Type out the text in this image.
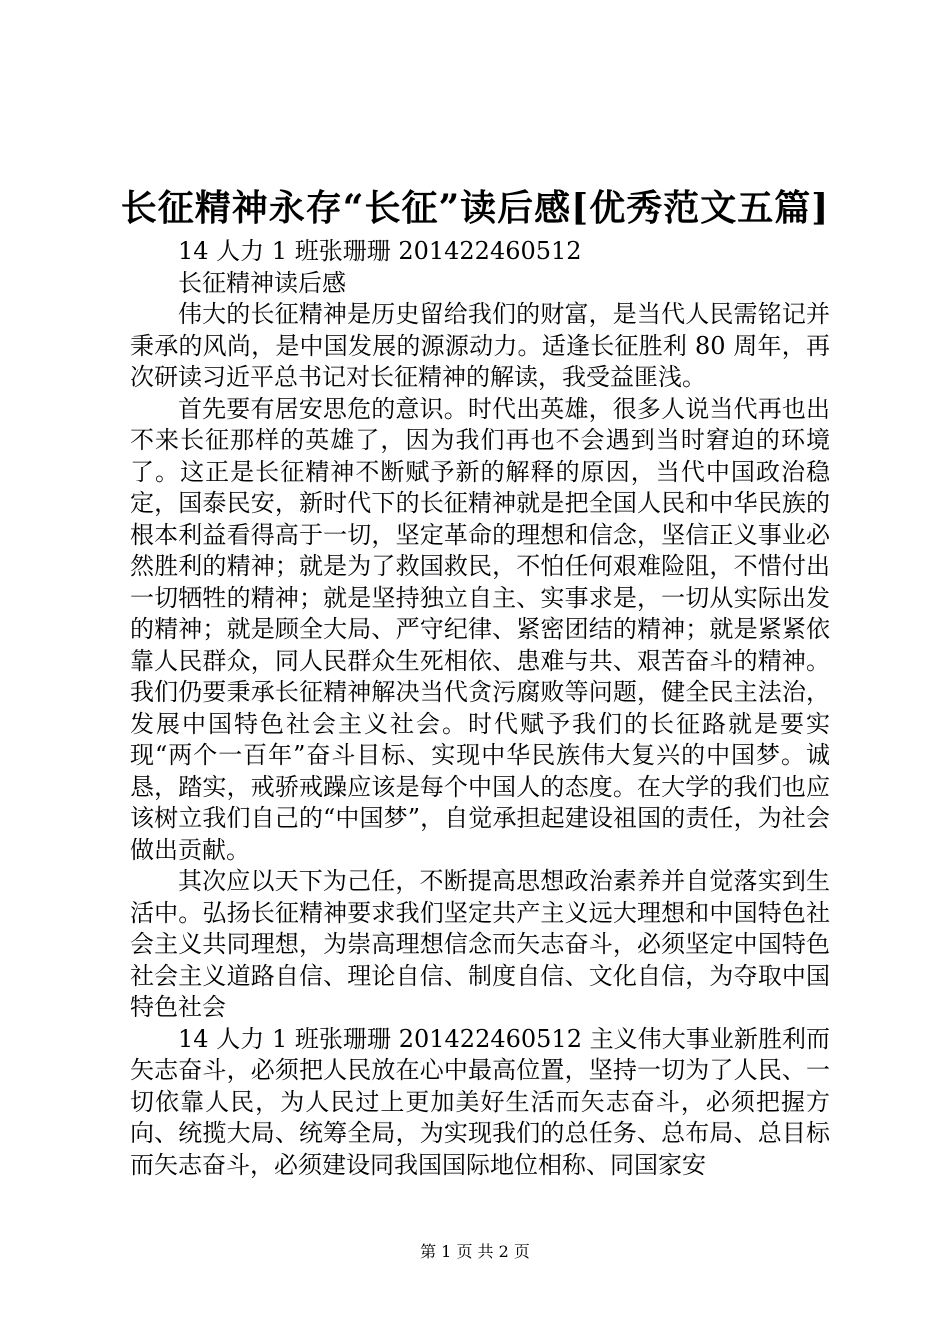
长征精神永存“长征”读后感[优秀范文五篇]

14 人力 1 班张珊珊 201422460512

长征精神读后感

伟大的长征精神是历史留给我们的财富，是当代人民需铭记并秉承的风尚，是中国发展的源源动力。适逢长征胜利 80 周年，再次研读习近平总书记对长征精神的解读，我受益匪浅。

首先要有居安思危的意识。时代出英雄，很多人说当代再也出不来长征那样的英雄了，因为我们再也不会遇到当时窘迫的环境了。这正是长征精神不断赋予新的解释的原因，当代中国政治稳定，国泰民安，新时代下的长征精神就是把全国人民和中华民族的根本利益看得高于一切，坚定革命的理想和信念，坚信正义事业必然胜利的精神；就是为了救国救民，不怕任何艰难险阻，不惜付出一切牺牲的精神；就是坚持独立自主、实事求是，一切从实际出发的精神；就是顾全大局、严守纪律、紧密团结的精神；就是紧紧依靠人民群众，同人民群众生死相依、患难与共、艰苦奋斗的精神。我们仍要秉承长征精神解决当代贪污腐败等问题，健全民主法治，发展中国特色社会主义社会。时代赋予我们的长征路就是要实现“两个一百年”奋斗目标、实现中华民族伟大复兴的中国梦。诚恳，踏实，戒骄戒躁应该是每个中国人的态度。在大学的我们也应该树立我们自己的“中国梦”，自觉承担起建设祖国的责任，为社会做出贡献。

其次应以天下为己任，不断提高思想政治素养并自觉落实到生活中。弘扬长征精神要求我们坚定共产主义远大理想和中国特色社会主义共同理想，为崇高理想信念而矢志奋斗，必须坚定中国特色社会主义道路自信、理论自信、制度自信、文化自信，为夺取中国特色社会

14 人力 1 班张珊珊 201422460512 主义伟大事业新胜利而矢志奋斗，必须把人民放在心中最高位置，坚持一切为了人民、一切依靠人民，为人民过上更加美好生活而矢志奋斗，必须把握方向、统揽大局、统筹全局，为实现我们的总任务、总布局、总目标而矢志奋斗，必须建设同我国国际地位相称、同国家安

第 1 页 共 2 页
